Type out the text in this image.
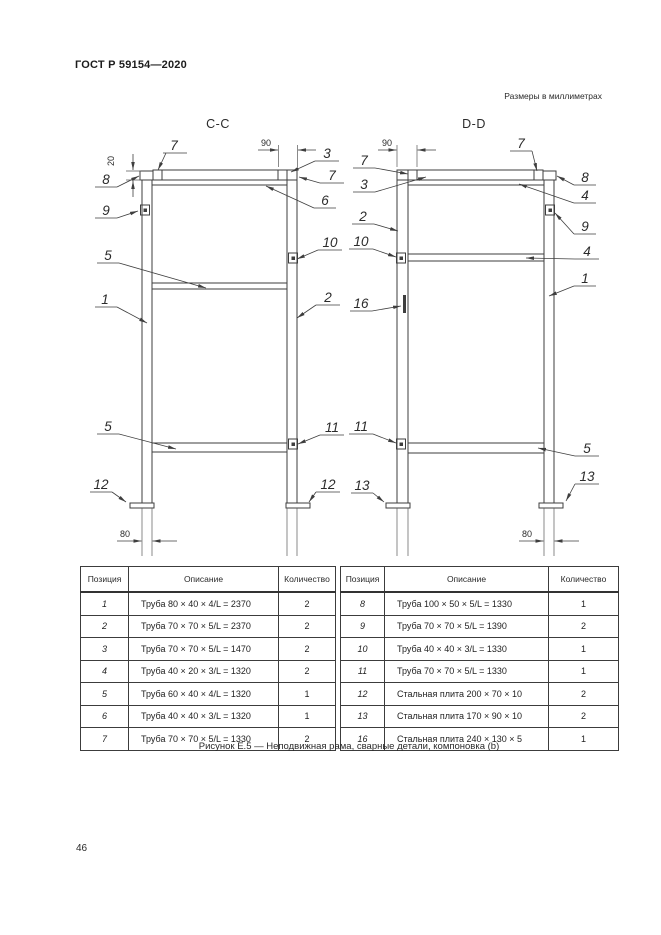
ГОСТ Р 59154—2020
Размеры в миллиметрах
C-C
20
90
80
7
3
7
8
6
9
10
5
1	2
5	11
12	12
D-D
90
80
7
3
7
8
4
9
2
10
4
1
16
11
5
13
13
Позиция	Описание	Количество
1	Труба 80 × 40 × 4/L = 2370	2
2	Труба 70 × 70 × 5/L = 2370	2
3	Труба 70 × 70 × 5/L = 1470	2
4	Труба 40 × 20 × 3/L = 1320	2
5	Труба 60 × 40 × 4/L = 1320	1
6	Труба 40 × 40 × 3/L = 1320	1
7	Труба 70 × 70 × 5/L = 1330	2
Позиция	Описание	Количество
8	Труба 100 × 50 × 5/L = 1330	1
9	Труба 70 × 70 × 5/L = 1390	2
10	Труба 40 × 40 × 3/L = 1330	1
11	Труба 70 × 70 × 5/L = 1330	1
12	Стальная плита 200 × 70 × 10	2
13	Стальная плита 170 × 90 × 10	2
16	Стальная плита 240 × 130 × 5	1
Рисунок Е.5 — Неподвижная рама, сварные детали, компоновка (b)
46
